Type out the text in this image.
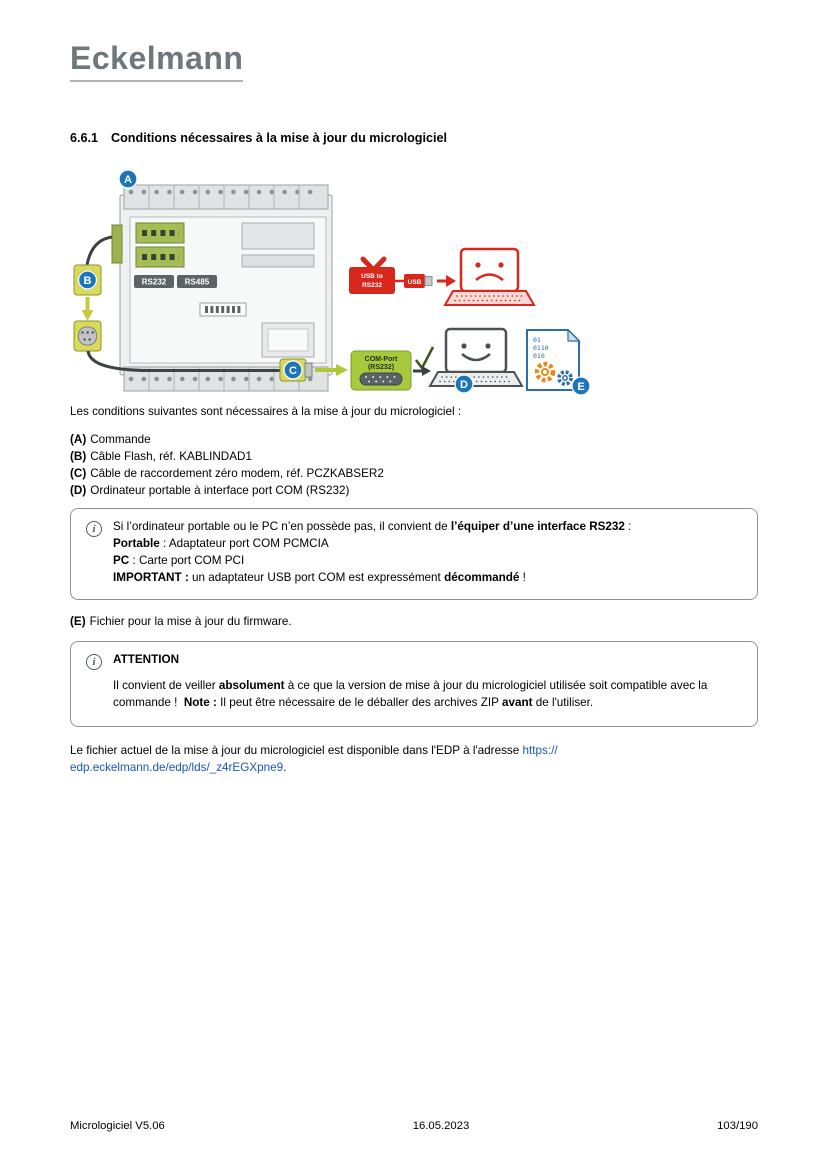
Eckelmann
6.6.1 Conditions nécessaires à la mise à jour du micrologiciel
RS232 RS485
A
B
C
COM-Port
(RS232)
D
USB to
RS232	USB
01
0110
010
E

Les conditions suivantes sont nécessaires à la mise à jour du micrologiciel :

(A) Commande
(B) Câble Flash, réf. KABLINDAD1
(C) Câble de raccordement zéro modem, réf. PCZKABSER2
(D) Ordinateur portable à interface port COM (RS232)
i	Si l’ordinateur portable ou le PC n’en possède pas, il convient de l’équiper d’une interface RS232 :

Portable : Adaptateur port COM PCMCIA

PC : Carte port COM PCI

IMPORTANT : un adaptateur USB port COM est expressément décommandé !

(E) Fichier pour la mise à jour du firmware.

i	ATTENTION

Il convient de veiller absolument à ce que la version de mise à jour du micrologiciel utilisée soit compatible avec la commande !  Note : Il peut être nécessaire de le déballer des archives ZIP avant de l'utiliser.

Le fichier actuel de la mise à jour du micrologiciel est disponible dans l'EDP à l'adresse https://
edp.eckelmann.de/edp/lds/_z4rEGXpne9.

Micrologiciel V5.06	16.05.2023	103/190
